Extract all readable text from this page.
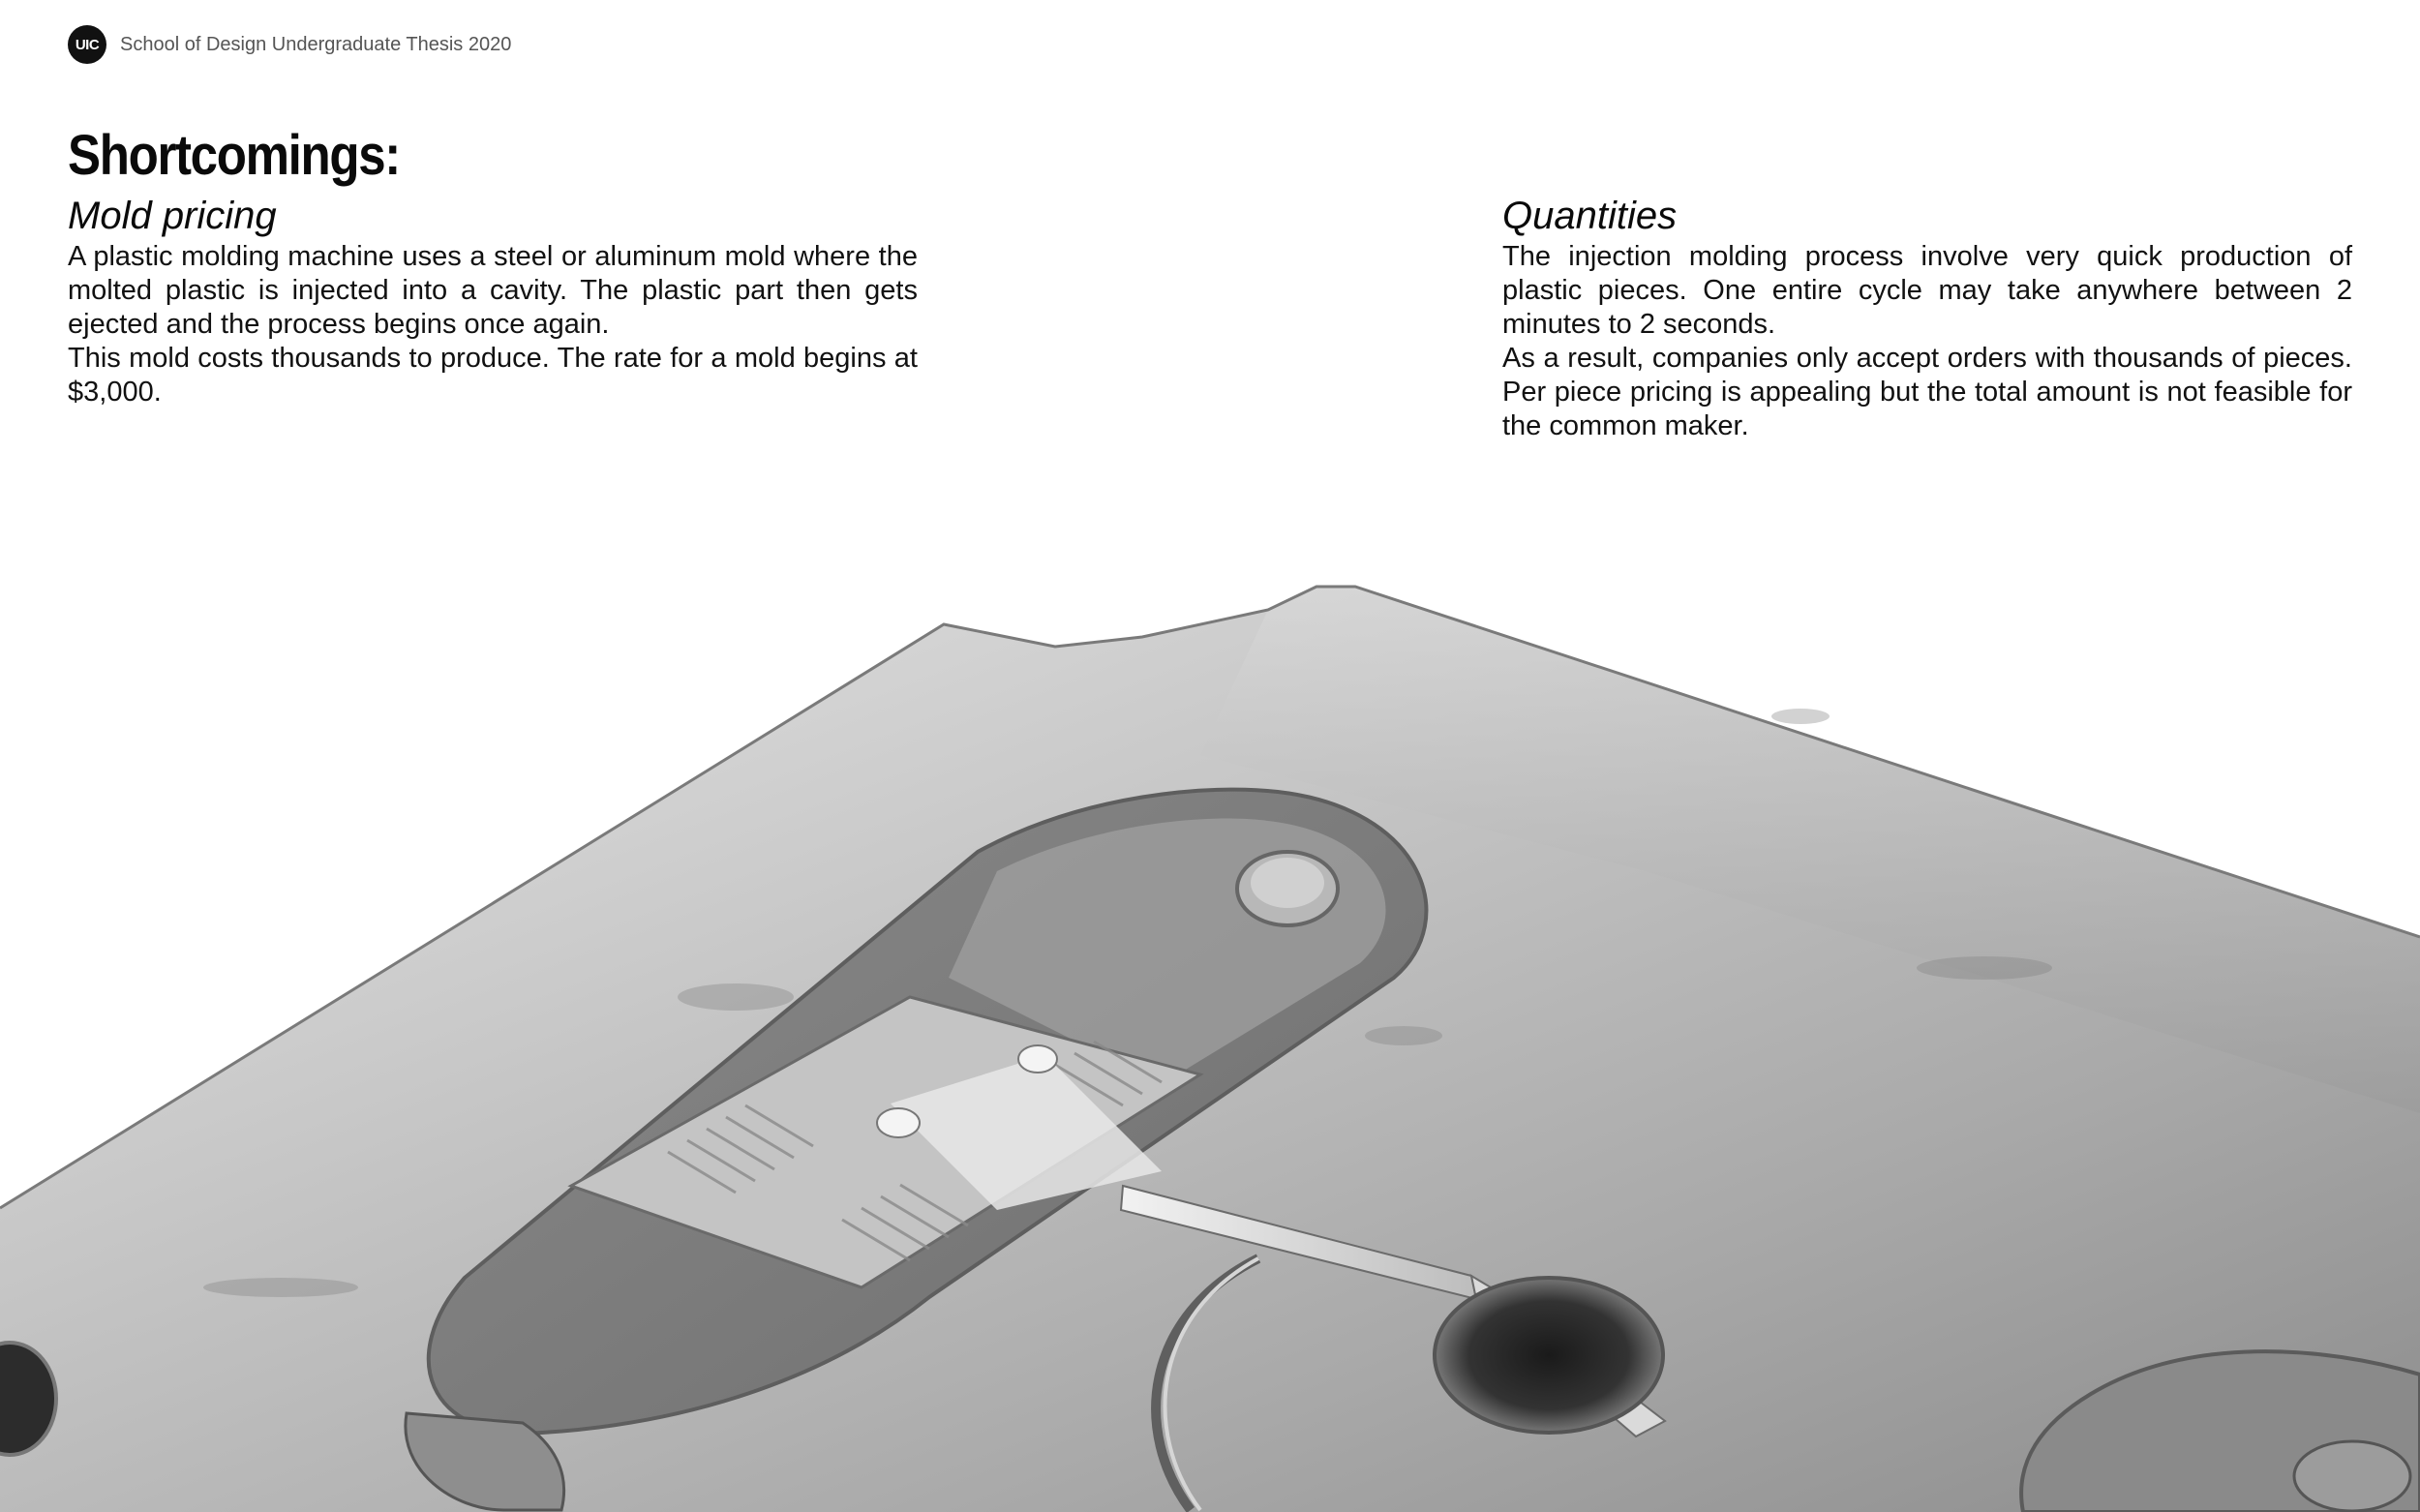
UIC	School of Design Undergraduate Thesis 2020
Shortcomings:
Mold pricing

A plastic molding machine uses a steel or aluminum mold where the molted plastic is injected into a cavity. The plastic part then gets ejected and the process begins once again.

This mold costs thousands to produce. The rate for a mold begins at $3,000.

Quantities

The injection molding process involve very quick production of plastic pieces. One entire cycle may take anywhere between 2 minutes to 2 seconds.

As a result, companies only accept orders with thousands of pieces. Per piece pricing is appealing but the total amount is not feasible for the common maker.
